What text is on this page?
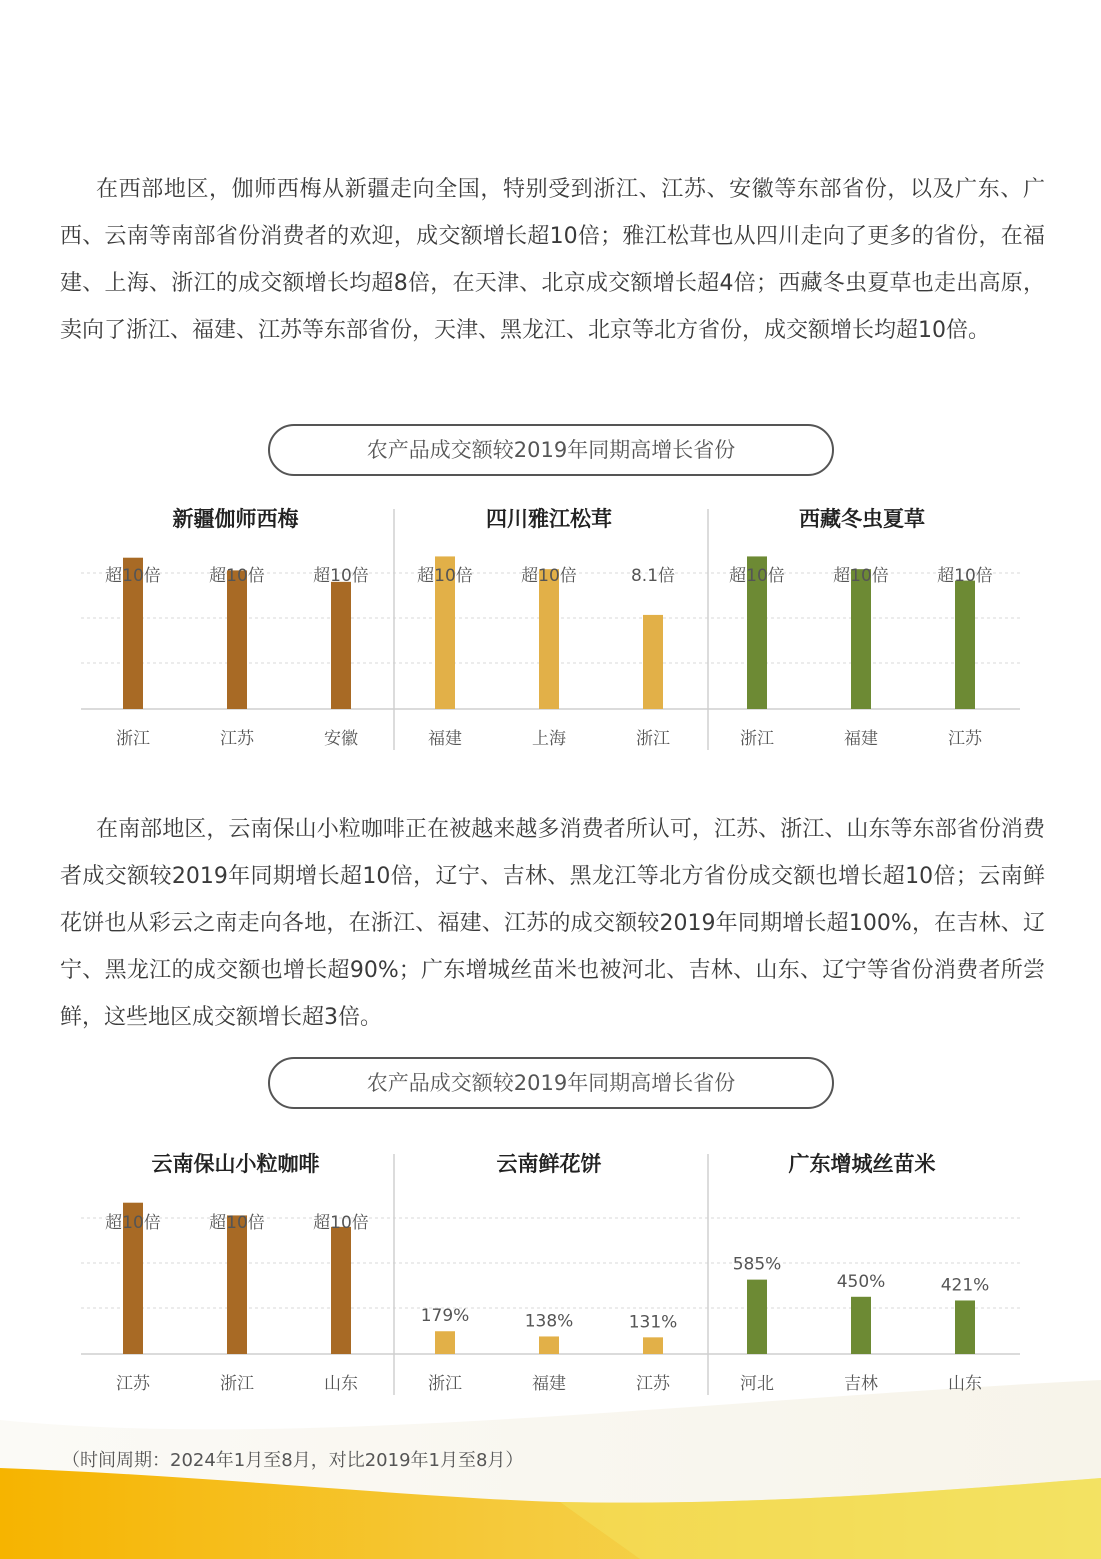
在西部地区，伽师西梅从新疆走向全国，特别受到浙江、江苏、安徽等东部省份，以及广东、广西、云南等南部省份消费者的欢迎，成交额增长超10倍；雅江松茸也从四川走向了更多的省份，在福建、上海、浙江的成交额增长均超8倍，在天津、北京成交额增长超4倍；西藏冬虫夏草也走出高原，卖向了浙江、福建、江苏等东部省份，天津、黑龙江、北京等北方省份，成交额增长均超10倍。

农产品成交额较2019年同期高增长省份
新疆伽师西梅
超10倍
浙江
超10倍
江苏
超10倍
安徽
四川雅江松茸
超10倍
福建
超10倍
上海
8.1倍
浙江
西藏冬虫夏草
超10倍
浙江
超10倍
福建
超10倍
江苏

在南部地区，云南保山小粒咖啡正在被越来越多消费者所认可，江苏、浙江、山东等东部省份消费者成交额较2019年同期增长超10倍，辽宁、吉林、黑龙江等北方省份成交额也增长超10倍；云南鲜花饼也从彩云之南走向各地，在浙江、福建、江苏的成交额较2019年同期增长超100%，在吉林、辽宁、黑龙江的成交额也增长超90%；广东增城丝苗米也被河北、吉林、山东、辽宁等省份消费者所尝鲜，这些地区成交额增长超3倍。

农产品成交额较2019年同期高增长省份
云南保山小粒咖啡
超10倍
江苏
超10倍
浙江
超10倍
山东
云南鲜花饼
179%
浙江
138%
福建
131%
江苏
广东增城丝苗米
585%
河北
450%
吉林
421%
山东
（时间周期：2024年1月至8月，对比2019年1月至8月）
